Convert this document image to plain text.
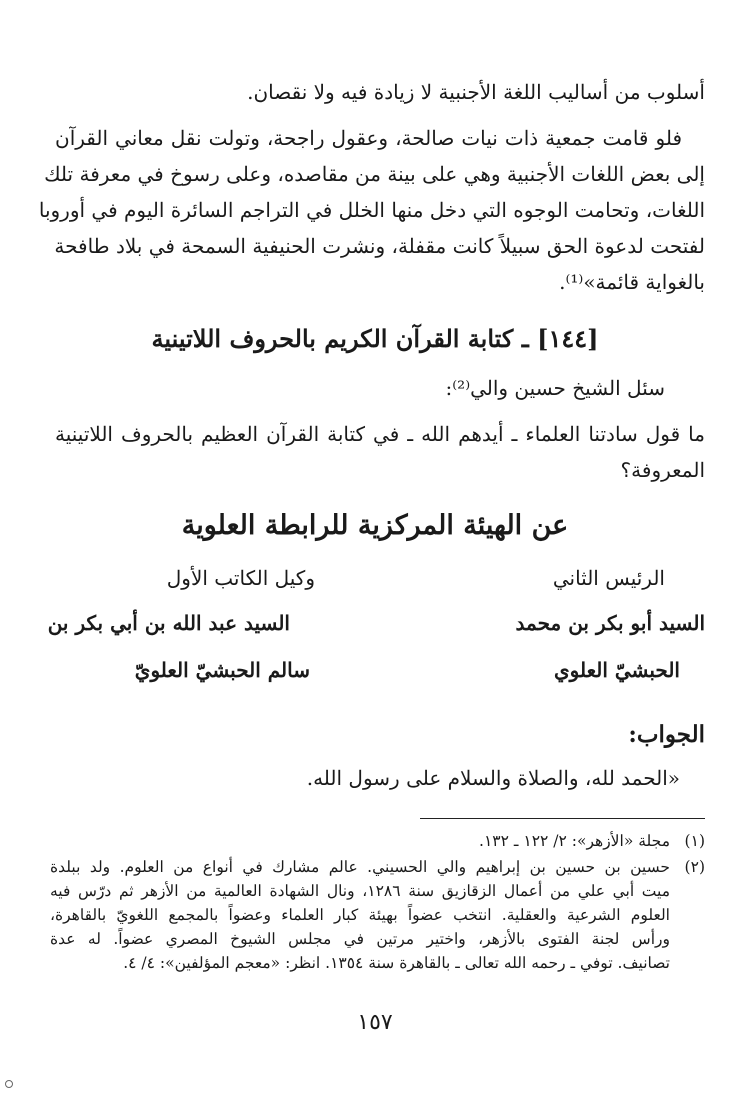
أسلوب من أساليب اللغة الأجنبية لا زيادة فيه ولا نقصان.
فلو قامت جمعية ذات نيات صالحة، وعقول راجحة، وتولت نقل معاني القرآن
إلى بعض اللغات الأجنبية وهي على بينة من مقاصده، وعلى رسوخ في معرفة تلك
اللغات، وتحامت الوجوه التي دخل منها الخلل في التراجم السائرة اليوم في أوروبا
لفتحت لدعوة الحق سبيلاً كانت مقفلة، ونشرت الحنيفية السمحة في بلاد طافحة
بالغواية قائمة»⁽¹⁾.
[١٤٤] ـ كتابة القرآن الكريم بالحروف اللاتينية
سئل الشيخ حسين والي⁽²⁾:
ما قول سادتنا العلماء ـ أيدهم الله ـ في كتابة القرآن العظيم بالحروف اللاتينية
المعروفة؟
عن الهيئة المركزية للرابطة العلوية
الرئيس الثاني
وكيل الكاتب الأول
السيد أبو بكر بن محمد
السيد عبد الله بن أبي بكر بن
الحبشيّ العلوي
سالم الحبشيّ العلويّ
الجواب:
«الحمد لله، والصلاة والسلام على رسول الله.
(١)
مجلة «الأزهر»: ٢/ ١٢٢ ـ ١٣٢.
(٢)
حسين بن حسين بن إبراهيم والي الحسيني. عالم مشارك في أنواع من العلوم. ولد ببلدة
ميت أبي علي من أعمال الزقازيق سنة ١٢٨٦، ونال الشهادة العالمية من الأزهر ثم درّس فيه
العلوم الشرعية والعقلية. انتخب عضواً بهيئة كبار العلماء وعضواً بالمجمع اللغويّ بالقاهرة،
ورأس لجنة الفتوى بالأزهر، واختير مرتين في مجلس الشيوخ المصري عضواً. له عدة
تصانيف. توفي ـ رحمه الله تعالى ـ بالقاهرة سنة ١٣٥٤. انظر: «معجم المؤلفين»: ٤/ ٤.
١٥٧
